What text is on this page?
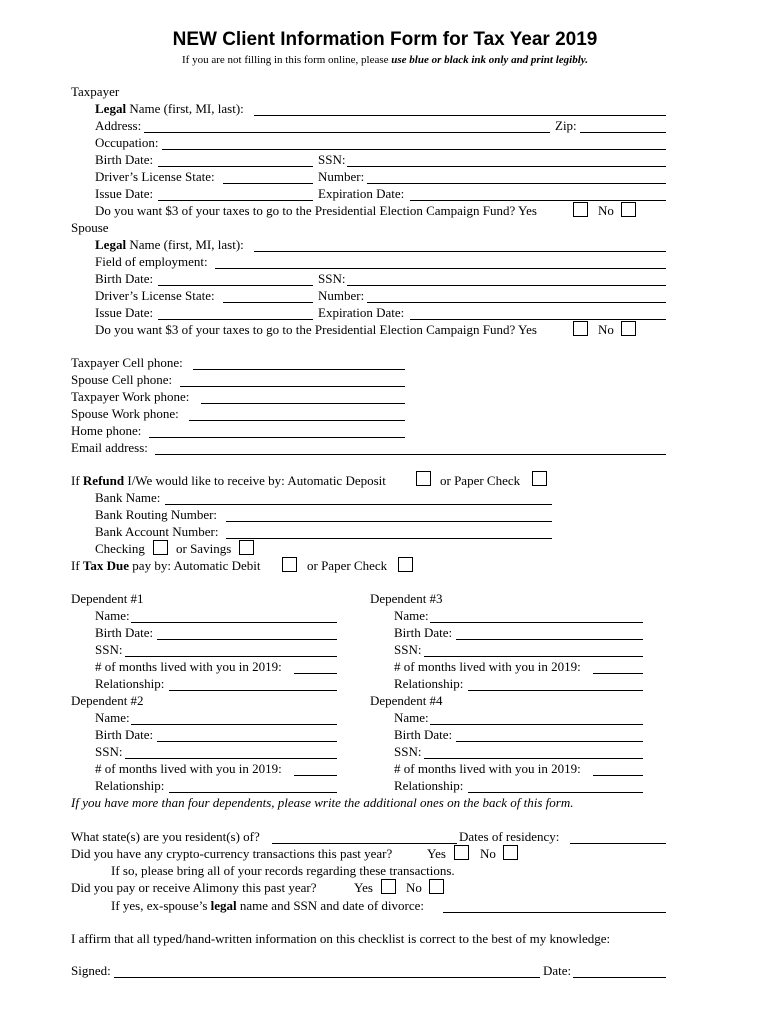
NEW Client Information Form for Tax Year 2019
If you are not filling in this form online, please use blue or black ink only and print legibly.
Taxpayer
Legal Name (first, MI, last):
Address:	Zip:
Occupation:
Birth Date:	SSN:
Driver’s License State:	Number:
Issue Date:	Expiration Date:
Do you want $3 of your taxes to go to the Presidential Election Campaign Fund? Yes	No
Spouse
Legal Name (first, MI, last):
Field of employment:
Birth Date:	SSN:
Driver’s License State:	Number:
Issue Date:	Expiration Date:
Do you want $3 of your taxes to go to the Presidential Election Campaign Fund? Yes	No
Taxpayer Cell phone:
Spouse Cell phone:
Taxpayer Work phone:
Spouse Work phone:
Home phone:
Email address:
If Refund I/We would like to receive by: Automatic Deposit	or Paper Check
Bank Name:
Bank Routing Number:
Bank Account Number:
Checking or Savings
If Tax Due pay by: Automatic Debit	or Paper Check
Dependent #1
Name:
Birth Date:
SSN:
# of months lived with you in 2019:
Relationship:
Dependent #2
Name:
Birth Date:
SSN:
# of months lived with you in 2019:
Relationship:
Dependent #3
Name:
Birth Date:
SSN:
# of months lived with you in 2019:
Relationship:
Dependent #4
Name:
Birth Date:
SSN:
# of months lived with you in 2019:
Relationship:
If you have more than four dependents, please write the additional ones on the back of this form.
What state(s) are you resident(s) of?	Dates of residency:
Did you have any crypto-currency transactions this past year?	Yes	No
If so, please bring all of your records regarding these transactions.
Did you pay or receive Alimony this past year?	Yes	No
If yes, ex-spouse’s legal name and SSN and date of divorce:
I affirm that all typed/hand-written information on this checklist is correct to the best of my knowledge:
Signed:	Date:
